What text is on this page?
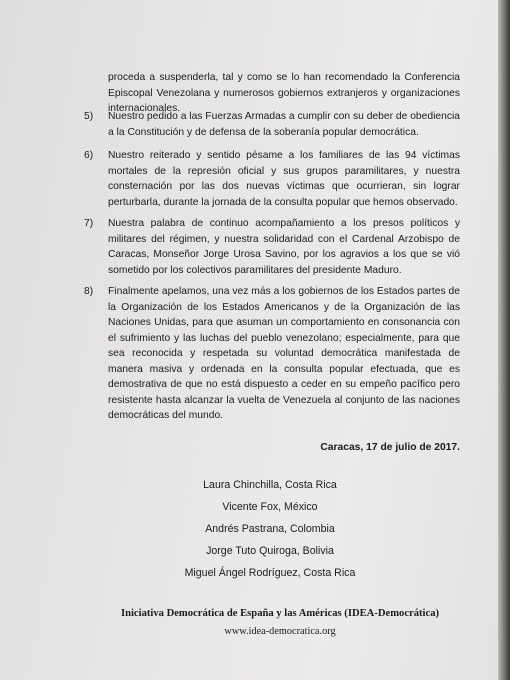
proceda a suspenderla, tal y como se lo han recomendado la Conferencia Episcopal Venezolana y numerosos gobiernos extranjeros y organizaciones internacionales.

5) Nuestro pedido a las Fuerzas Armadas a cumplir con su deber de obediencia a la Constitución y de defensa de la soberanía popular democrática.

6) Nuestro reiterado y sentido pésame a los familiares de las 94 víctimas mortales de la represión oficial y sus grupos paramilitares, y nuestra consternación por las dos nuevas víctimas que ocurrieran, sin lograr perturbarla, durante la jornada de la consulta popular que hemos observado.

7) Nuestra palabra de continuo acompañamiento a los presos políticos y militares del régimen, y nuestra solidaridad con el Cardenal Arzobispo de Caracas, Monseñor Jorge Urosa Savino, por los agravios a los que se vió sometido por los colectivos paramilitares del presidente Maduro.

8) Finalmente apelamos, una vez más a los gobiernos de los Estados partes de la Organización de los Estados Americanos y de la Organización de las Naciones Unidas, para que asuman un comportamiento en consonancia con el sufrimiento y las luchas del pueblo venezolano; especialmente, para que sea reconocida y respetada su voluntad democrática manifestada de manera masiva y ordenada en la consulta popular efectuada, que es demostrativa de que no está dispuesto a ceder en su empeño pacífico pero resistente hasta alcanzar la vuelta de Venezuela al conjunto de las naciones democráticas del mundo.

Caracas, 17 de julio de 2017.
Laura Chinchilla, Costa Rica
Vicente Fox, México
Andrés Pastrana, Colombia
Jorge Tuto Quiroga, Bolivia
Miguel Ángel Rodríguez, Costa Rica
Iniciativa Democrática de España y las Américas (IDEA-Democrática)
www.idea-democratica.org
